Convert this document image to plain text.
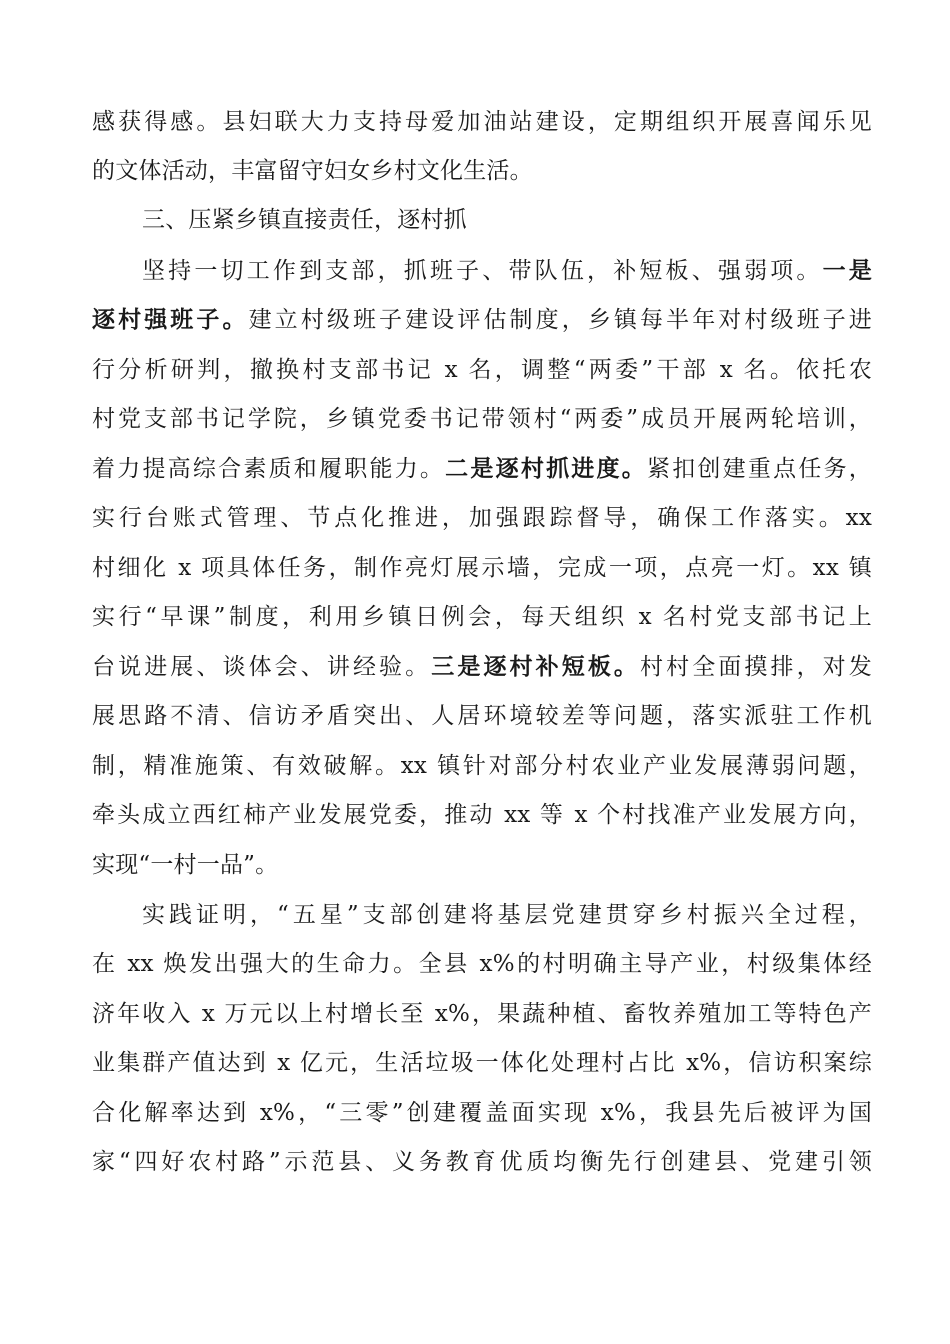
感获得感。县妇联大力支持母爱加油站建设，定期组织开展喜闻乐见
的文体活动，丰富留守妇女乡村文化生活。
三、压紧乡镇直接责任，逐村抓
坚持一切工作到支部，抓班子、带队伍，补短板、强弱项。一是
逐村强班子。建立村级班子建设评估制度，乡镇每半年对村级班子进
行分析研判，撤换村支部书记 x 名，调整“两委”干部 x 名。依托农
村党支部书记学院，乡镇党委书记带领村“两委”成员开展两轮培训，
着力提高综合素质和履职能力。二是逐村抓进度。紧扣创建重点任务，
实行台账式管理、节点化推进，加强跟踪督导，确保工作落实。xx
村细化 x 项具体任务，制作亮灯展示墙，完成一项，点亮一灯。xx 镇
实行“早课”制度，利用乡镇日例会，每天组织 x 名村党支部书记上
台说进展、谈体会、讲经验。三是逐村补短板。村村全面摸排，对发
展思路不清、信访矛盾突出、人居环境较差等问题，落实派驻工作机
制，精准施策、有效破解。xx 镇针对部分村农业产业发展薄弱问题，
牵头成立西红柿产业发展党委，推动 xx 等 x 个村找准产业发展方向，
实现“一村一品”。
实践证明，“五星”支部创建将基层党建贯穿乡村振兴全过程，
在 xx 焕发出强大的生命力。全县 x%的村明确主导产业，村级集体经
济年收入 x 万元以上村增长至 x%，果蔬种植、畜牧养殖加工等特色产
业集群产值达到 x 亿元，生活垃圾一体化处理村占比 x%，信访积案综
合化解率达到 x%，“三零”创建覆盖面实现 x%，我县先后被评为国
家“四好农村路”示范县、义务教育优质均衡先行创建县、党建引领
